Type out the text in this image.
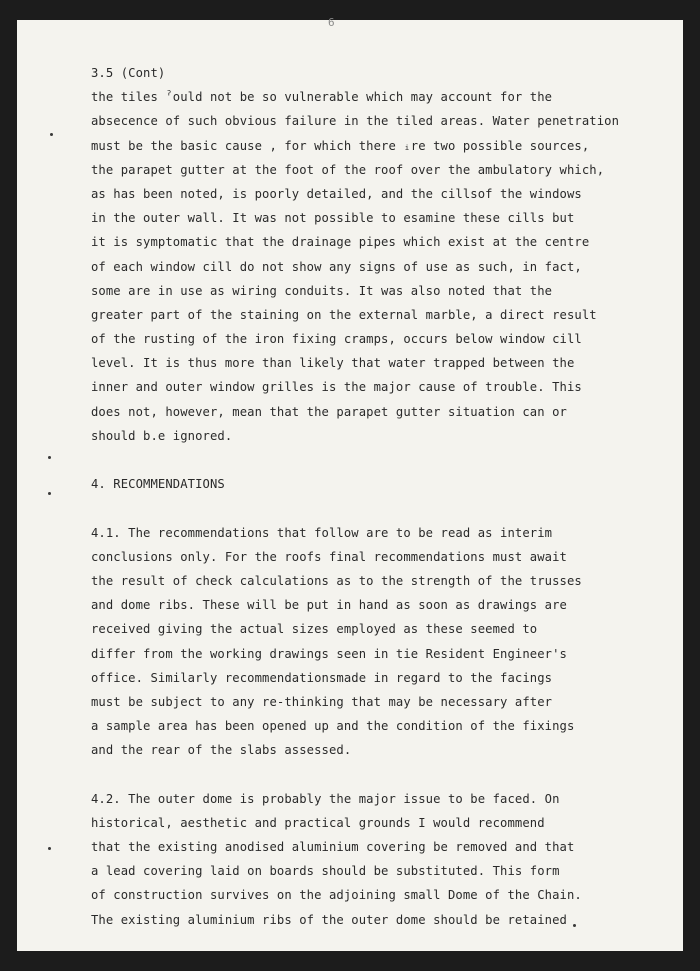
6
3.5 (Cont)
the tiles ˀould not be so vulnerable which may account for the
absecence of such obvious failure in the tiled areas. Water penetration
must be the basic cause , for which there ᵢre two possible sources,
the parapet gutter at the foot of the roof over the ambulatory which,
as has been noted, is poorly detailed, and the cillsof the windows
in the outer wall. It was not possible to esamine these cills but
it is symptomatic that the drainage pipes which exist at the centre
of each window cill do not show any signs of use as such, in fact,
some are in use as wiring conduits. It was also noted that the
greater part of the staining on the external marble, a direct result
of the rusting of the iron fixing cramps, occurs below window cill
level. It is thus more than likely that water trapped between the
inner and outer window grilles is the major cause of trouble. This
does not, however, mean that the parapet gutter situation can or
should b.e ignored.
4. RECOMMENDATIONS
4.1. The recommendations that follow are to be read as interim
conclusions only. For the roofs final recommendations must await
the result of check calculations as to the strength of the trusses
and dome ribs. These will be put in hand as soon as drawings are
received giving the actual sizes employed as these seemed to
differ from the working drawings seen in tie Resident Engineer's
office. Similarly recommendationsmade in regard to the facings
must be subject to any re-thinking that may be necessary after
a sample area has been opened up and the condition of the fixings
and the rear of the slabs assessed.
4.2. The outer dome is probably the major issue to be faced. On
historical, aesthetic and practical grounds I would recommend
that the existing anodised aluminium covering be removed and that
a lead covering laid on boards should be substituted. This form
of construction survives on the adjoining small Dome of the Chain.
The existing aluminium ribs of the outer dome should be retained
